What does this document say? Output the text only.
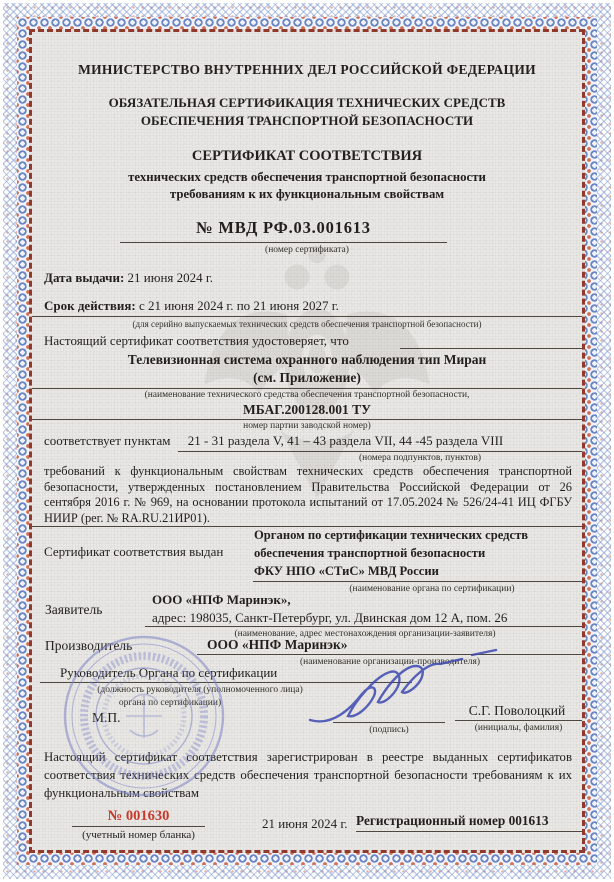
МИНИСТЕРСТВО ВНУТРЕННИХ ДЕЛ РОССИЙСКОЙ ФЕДЕРАЦИИ
ОБЯЗАТЕЛЬНАЯ СЕРТИФИКАЦИЯ ТЕХНИЧЕСКИХ СРЕДСТВ
ОБЕСПЕЧЕНИЯ ТРАНСПОРТНОЙ БЕЗОПАСНОСТИ
СЕРТИФИКАТ СООТВЕТСТВИЯ
технических средств обеспечения транспортной безопасности
требованиям к их функциональным свойствам
№ МВД РФ.03.001613
(номер сертификата)
Дата выдачи: 21 июня 2024 г.
Срок действия: с 21 июня 2024 г. по 21 июня 2027 г.
(для серийно выпускаемых технических средств обеспечения транспортной безопасности)
Настоящий сертификат соответствия удостоверяет, что
Телевизионная система охранного наблюдения тип Миран
(см. Приложение)
(наименование технического средства обеспечения транспортной безопасности,
МБАГ.200128.001 ТУ
номер партии заводской номер)
соответствует пунктам 21 - 31 раздела V, 41 – 43 раздела VII, 44 -45 раздела VIII
(номера подпунктов, пунктов)
требований к функциональным свойствам технических средств обеспечения транспортной безопасности, утвержденных постановлением Правительства Российской Федерации от 26 сентября 2016 г. № 969, на основании протокола испытаний от 17.05.2024 № 526/24-41 ИЦ ФГБУ НИИР (рег. № RA.RU.21ИР01).
Сертификат соответствия выдан
Органом по сертификации технических средств
обеспечения транспортной безопасности
ФКУ НПО «СТиС» МВД России
(наименование органа по сертификации)
Заявитель
ООО «НПФ Маринэк»,
адрес: 198035, Санкт-Петербург, ул. Двинская дом 12 А, пом. 26
(наименование, адрес местонахождения организации-заявителя)
Производитель	ООО «НПФ Маринэк»
(наименование организации-производителя)
Руководитель Органа по сертификации
(должность руководителя (уполномоченного лица)
органа по сертификации)
М.П.
(подпись)
С.Г. Поволоцкий
(инициалы, фамилия)
Настоящий сертификат соответствия зарегистрирован в реестре выданных сертификатов соответствия технических средств обеспечения транспортной безопасности требованиям к их функциональным свойствам
№ 001630
(учетный номер бланка)
21 июня 2024 г. Регистрационный номер 001613
